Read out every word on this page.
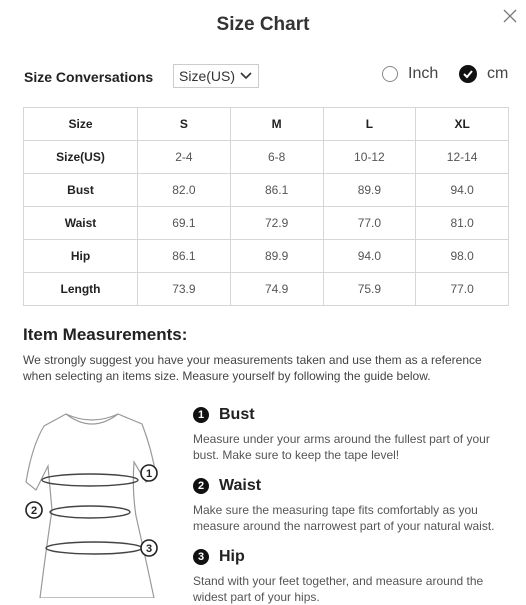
Size Chart
Size Conversations Size(US)	Inch	cm
Size	S	M	L	XL
Size(US)	2-4	6-8	10-12	12-14
Bust	82.0	86.1	89.9	94.0
Waist	69.1	72.9	77.0	81.0
Hip	86.1	89.9	94.0	98.0
Length	73.9	74.9	75.9	77.0
Item Measurements:
We strongly suggest you have your measurements taken and use them as a reference when selecting an items size. Measure yourself by following the guide below.
1
2
3
1 Bust
Measure under your arms around the fullest part of your bust. Make sure to keep the tape level!
2 Waist
Make sure the measuring tape fits comfortably as you measure around the narrowest part of your natural waist.
3 Hip
Stand with your feet together, and measure around the widest part of your hips.
